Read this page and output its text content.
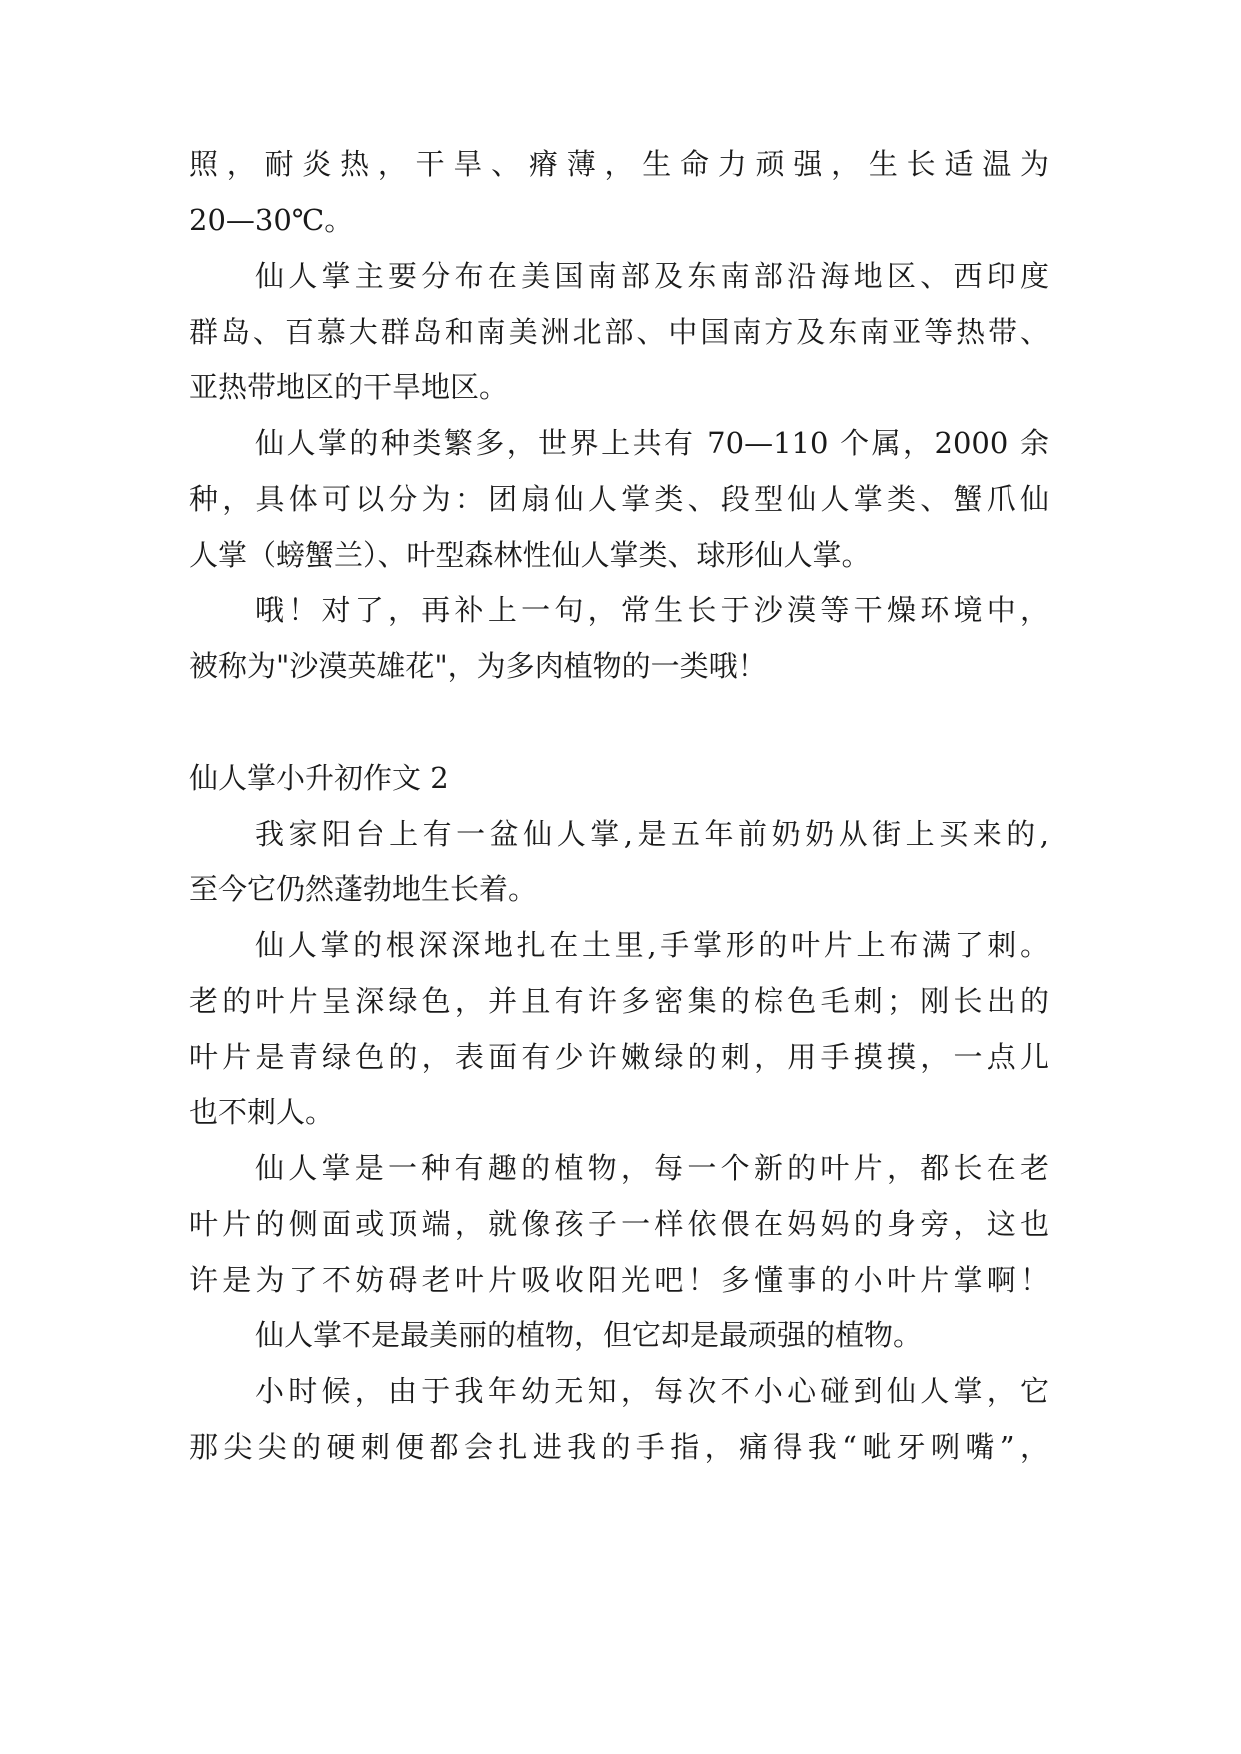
照，耐炎热，干旱、瘠薄，生命力顽强，生长适温为
20—30℃。
仙人掌主要分布在美国南部及东南部沿海地区、西印度
群岛、百慕大群岛和南美洲北部、中国南方及东南亚等热带、
亚热带地区的干旱地区。
仙人掌的种类繁多，世界上共有 70—110 个属，2000 余
种，具体可以分为：团扇仙人掌类、段型仙人掌类、蟹爪仙
人掌（螃蟹兰）、叶型森林性仙人掌类、球形仙人掌。
哦！对了，再补上一句，常生长于沙漠等干燥环境中，
被称为"沙漠英雄花"，为多肉植物的一类哦！
仙人掌小升初作文 2
我家阳台上有一盆仙人掌,是五年前奶奶从街上买来的,
至今它仍然蓬勃地生长着。
仙人掌的根深深地扎在土里,手掌形的叶片上布满了刺。
老的叶片呈深绿色，并且有许多密集的棕色毛刺；刚长出的
叶片是青绿色的，表面有少许嫩绿的刺，用手摸摸，一点儿
也不刺人。
仙人掌是一种有趣的植物，每一个新的叶片，都长在老
叶片的侧面或顶端，就像孩子一样依偎在妈妈的身旁，这也
许是为了不妨碍老叶片吸收阳光吧！多懂事的小叶片掌啊！
仙人掌不是最美丽的植物，但它却是最顽强的植物。
小时候，由于我年幼无知，每次不小心碰到仙人掌，它
那尖尖的硬刺便都会扎进我的手指，痛得我“呲牙咧嘴”，
